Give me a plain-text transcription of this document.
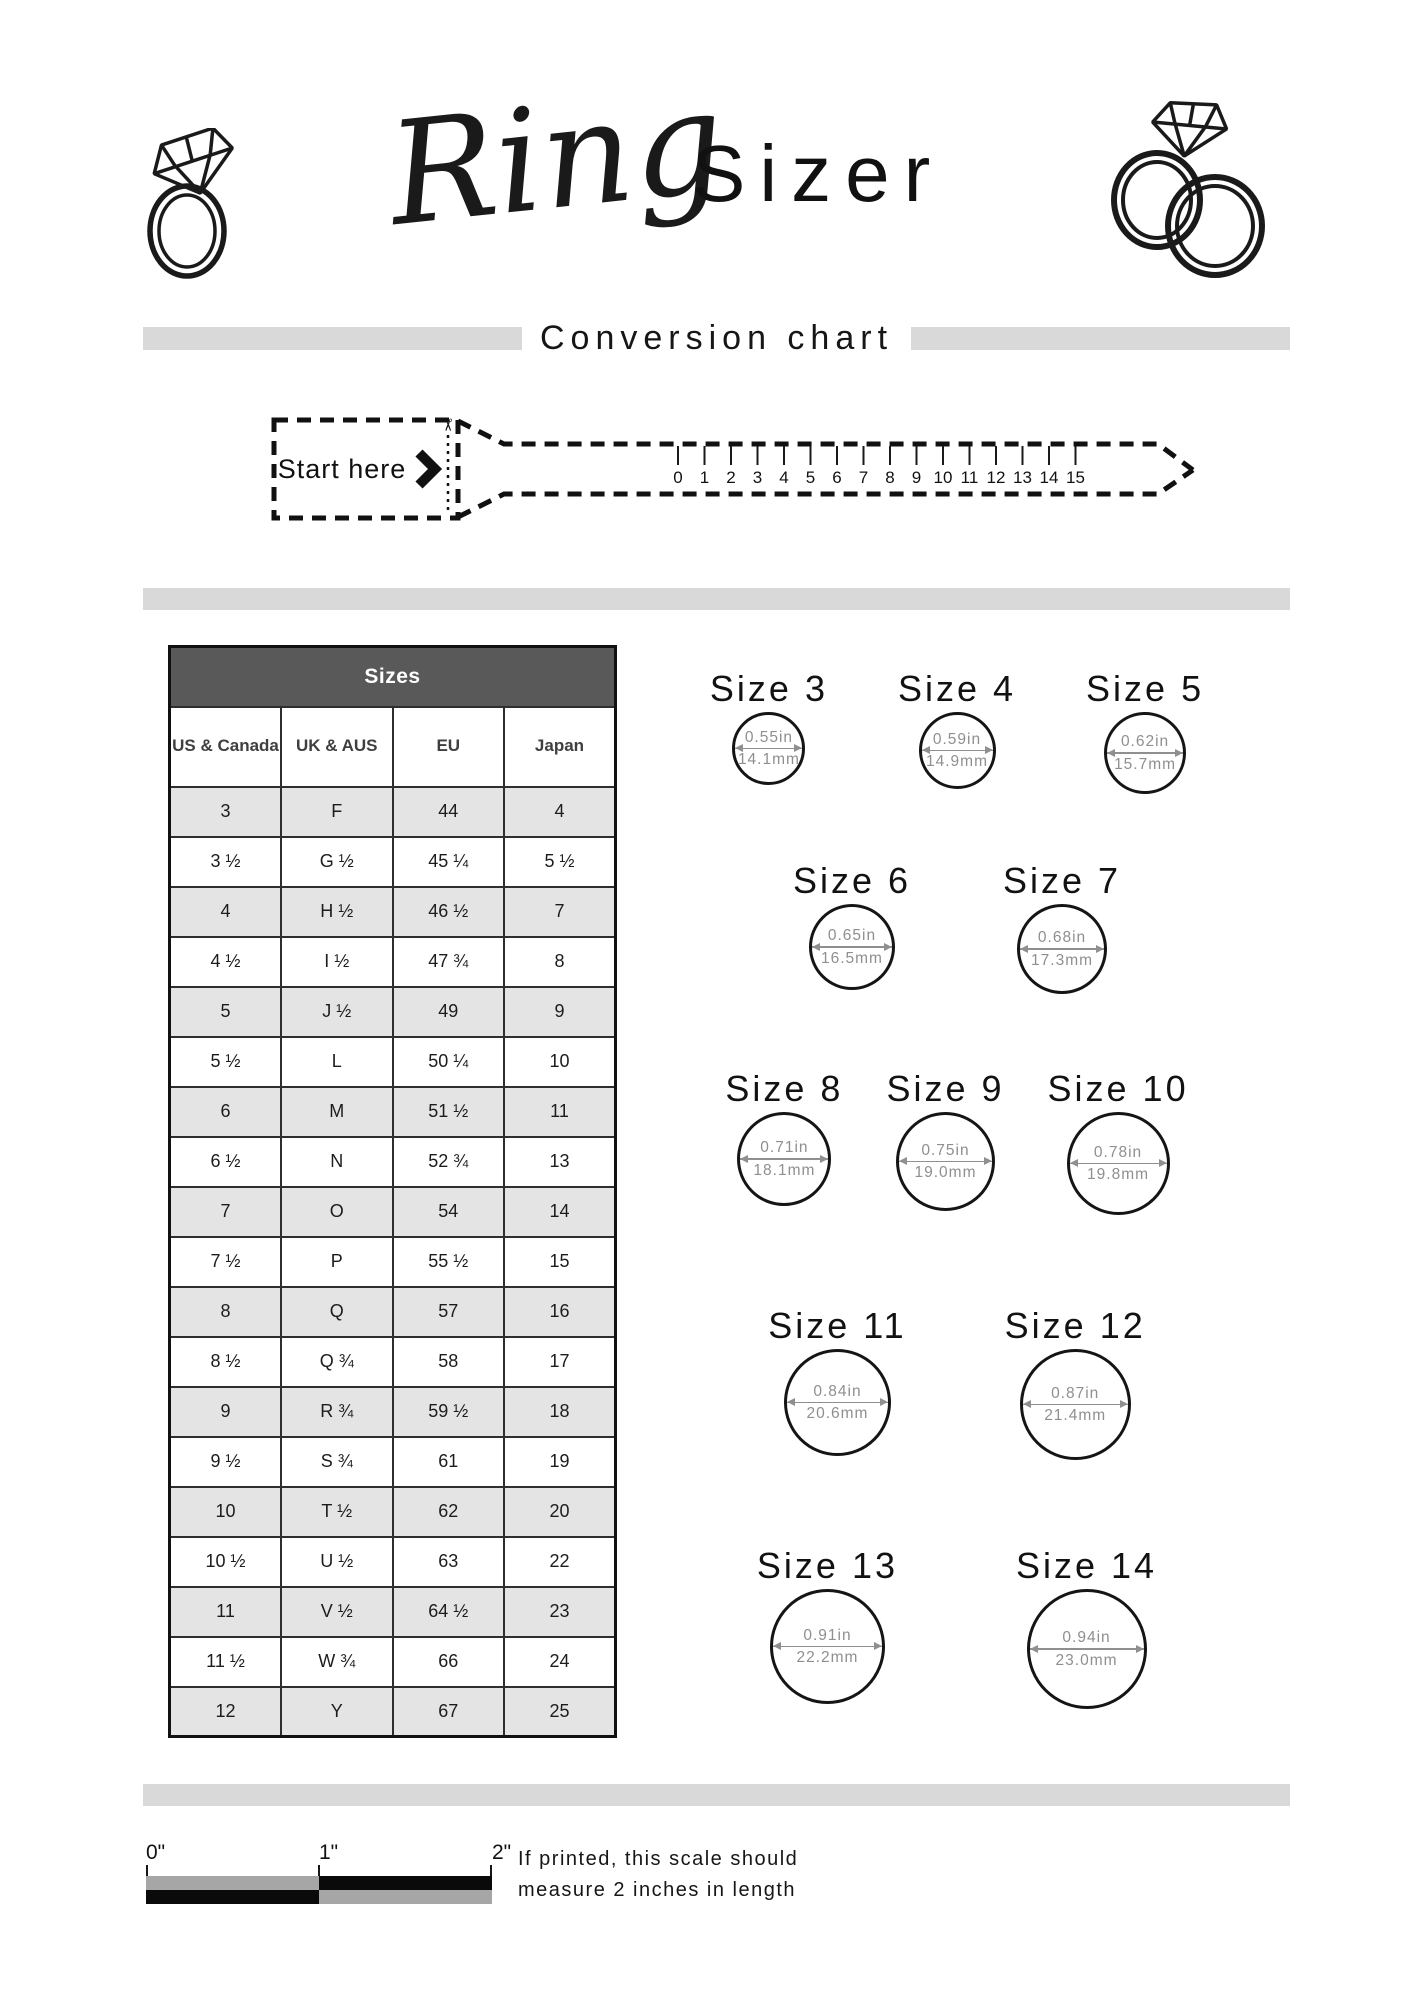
Ring
Sizer
Conversion chart
Start here
✂
0 1 2 3 4 5 6 7 8 9 10 11 12 13 14 15
Sizes			
US & Canada	UK & AUS	EU	Japan
3	F	44	4
3 ½	G ½	45 ¼	5 ½
4	H ½	46 ½	7
4 ½	I ½	47 ¾	8
5	J ½	49	9
5 ½	L	50 ¼	10
6	M	51 ½	11
6 ½	N	52 ¾	13
7	O	54	14
7 ½	P	55 ½	15
8	Q	57	16
8 ½	Q ¾	58	17
9	R ¾	59 ½	18
9 ½	S ¾	61	19
10	T ½	62	20
10 ½	U ½	63	22
11	V ½	64 ½	23
11 ½	W ¾	66	24
12	Y	67	25
Size 3
0.55in
14.1mm
Size 4
0.59in
14.9mm
Size 5
0.62in
15.7mm
Size 6
0.65in
16.5mm
Size 7
0.68in
17.3mm
Size 8
0.71in
18.1mm
Size 9
0.75in
19.0mm
Size 10
0.78in
19.8mm
Size 11
0.84in
20.6mm
Size 12
0.87in
21.4mm
Size 13
0.91in
22.2mm
Size 14
0.94in
23.0mm
0"	1"	2" If printed, this scale should
measure 2 inches in length
